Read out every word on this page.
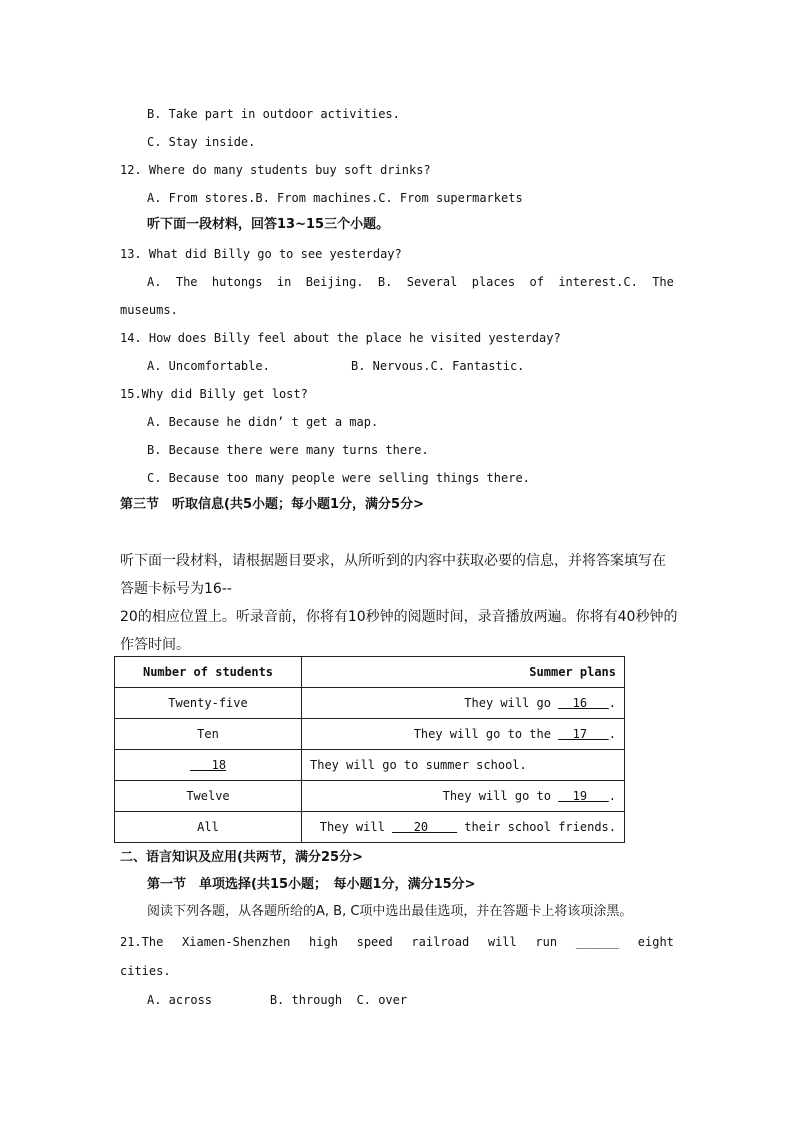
B. Take part in outdoor activities.
C. Stay inside.
12. Where do many students buy soft drinks?
A. From stores.B. From machines.C. From supermarkets
听下面一段材料，回答13~15三个小题。
13. What did Billy go to see yesterday?
A. The hutongs in Beijing. B. Several places of interest.C. The
museums.
14. How does Billy feel about the place he visited yesterday?
A. Uncomfortable.	B. Nervous.C. Fantastic.
15.Why did Billy get lost?
A. Because he didn’ t get a map.
B. Because there were many turns there.
C. Because too many people were selling things there.
第三节　听取信息(共5小题；每小题1分，满分5分>
听下面一段材料，请根据题目要求，从所听到的内容中获取必要的信息，并将答案填写在
答题卡标号为16--
20的相应位置上。听录音前，你将有10秒钟的阅题时间，录音播放两遍。你将有40秒钟的
作答时间。
Number of students	Summer plans
Twenty-five	They will go   16   .
Ten	They will go to the   17   .
18	They will go to summer school.
Twelve	They will go to   19   .
All	They will    20     their school friends.
二、语言知识及应用(共两节，满分25分>
第一节　单项选择(共15小题；　每小题1分，满分15分>
阅读下列各题，从各题所给的A, B, C项中选出最佳选项，并在答题卡上将该项涂黑。
21.The Xiamen-Shenzhen high speed railroad will run ______ eight
cities.
A. across        B. through  C. over
